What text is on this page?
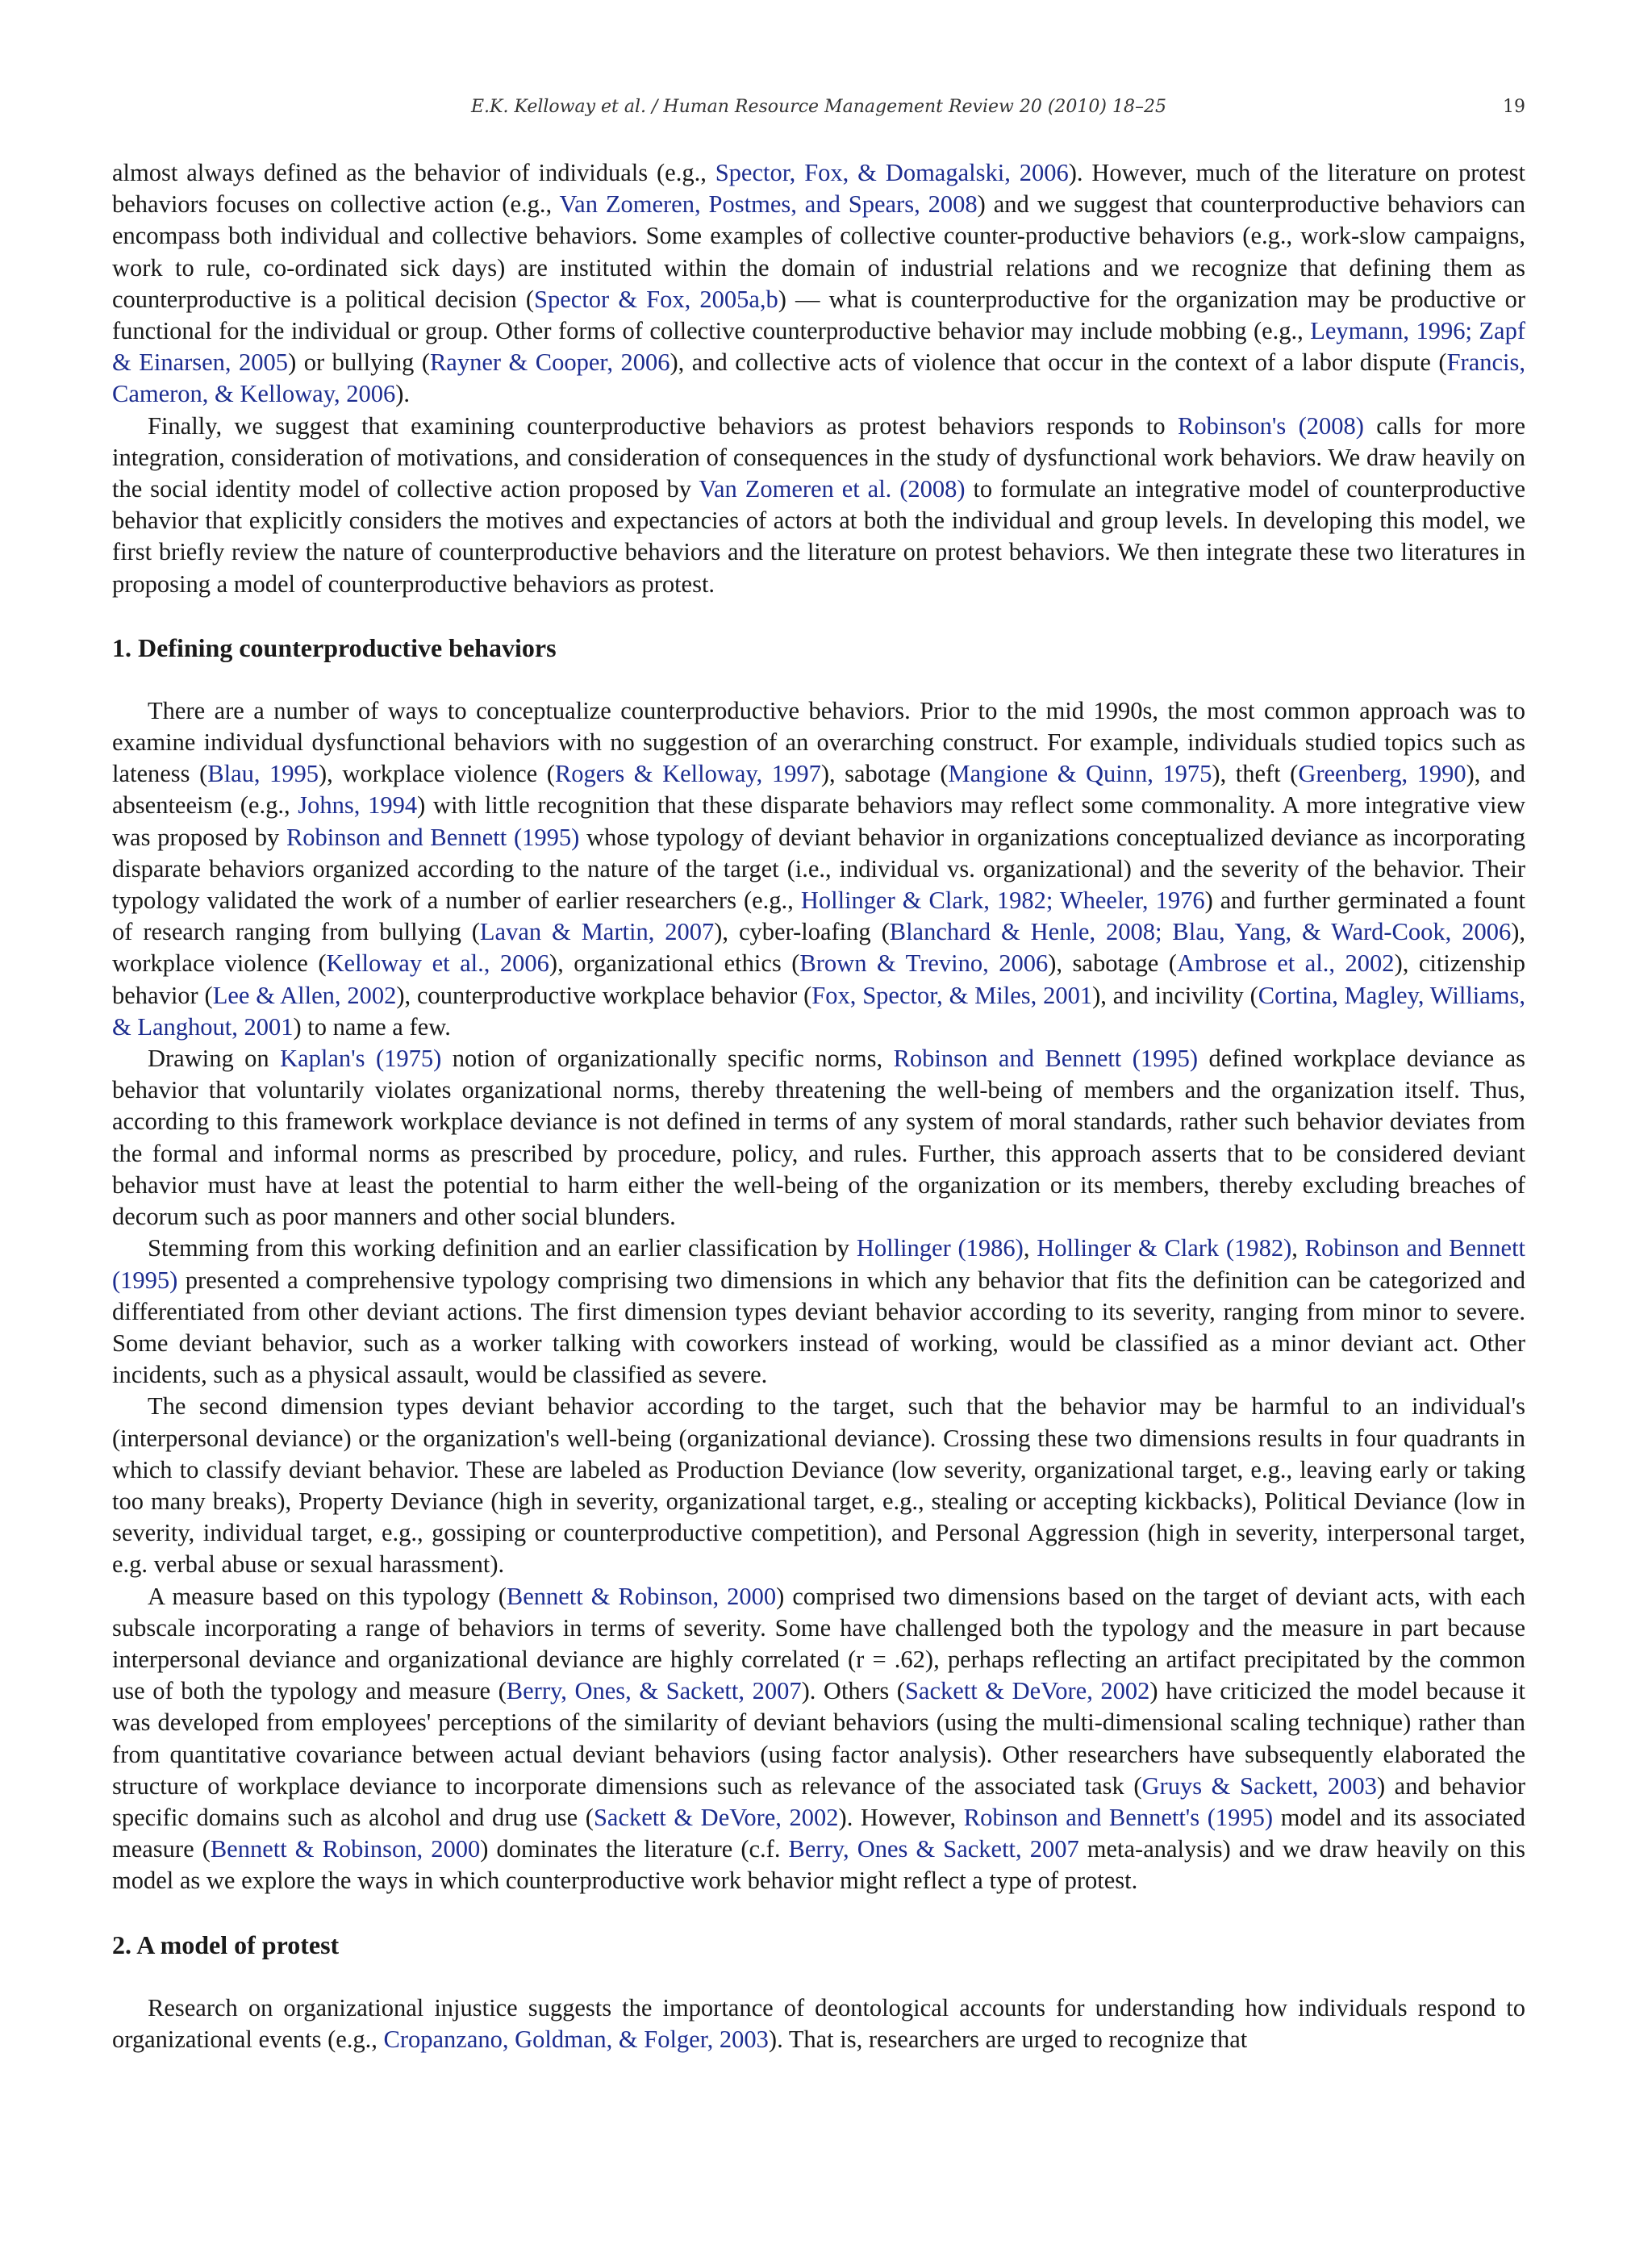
E.K. Kelloway et al. / Human Resource Management Review 20 (2010) 18–25	19

almost always defined as the behavior of individuals (e.g., Spector, Fox, & Domagalski, 2006). However, much of the literature on protest behaviors focuses on collective action (e.g., Van Zomeren, Postmes, and Spears, 2008) and we suggest that counterproductive behaviors can encompass both individual and collective behaviors. Some examples of collective counter-productive behaviors (e.g., work-slow campaigns, work to rule, co-ordinated sick days) are instituted within the domain of industrial relations and we recognize that defining them as counterproductive is a political decision (Spector & Fox, 2005a,b) — what is counterproductive for the organization may be productive or functional for the individual or group. Other forms of collective counterproductive behavior may include mobbing (e.g., Leymann, 1996; Zapf & Einarsen, 2005) or bullying (Rayner & Cooper, 2006), and collective acts of violence that occur in the context of a labor dispute (Francis, Cameron, & Kelloway, 2006).

Finally, we suggest that examining counterproductive behaviors as protest behaviors responds to Robinson's (2008) calls for more integration, consideration of motivations, and consideration of consequences in the study of dysfunctional work behaviors. We draw heavily on the social identity model of collective action proposed by Van Zomeren et al. (2008) to formulate an integrative model of counterproductive behavior that explicitly considers the motives and expectancies of actors at both the individual and group levels. In developing this model, we first briefly review the nature of counterproductive behaviors and the literature on protest behaviors. We then integrate these two literatures in proposing a model of counterproductive behaviors as protest.

1. Defining counterproductive behaviors

There are a number of ways to conceptualize counterproductive behaviors. Prior to the mid 1990s, the most common approach was to examine individual dysfunctional behaviors with no suggestion of an overarching construct. For example, individuals studied topics such as lateness (Blau, 1995), workplace violence (Rogers & Kelloway, 1997), sabotage (Mangione & Quinn, 1975), theft (Greenberg, 1990), and absenteeism (e.g., Johns, 1994) with little recognition that these disparate behaviors may reflect some commonality. A more integrative view was proposed by Robinson and Bennett (1995) whose typology of deviant behavior in organizations conceptualized deviance as incorporating disparate behaviors organized according to the nature of the target (i.e., individual vs. organizational) and the severity of the behavior. Their typology validated the work of a number of earlier researchers (e.g., Hollinger & Clark, 1982; Wheeler, 1976) and further germinated a fount of research ranging from bullying (Lavan & Martin, 2007), cyber-loafing (Blanchard & Henle, 2008; Blau, Yang, & Ward-Cook, 2006), workplace violence (Kelloway et al., 2006), organizational ethics (Brown & Trevino, 2006), sabotage (Ambrose et al., 2002), citizenship behavior (Lee & Allen, 2002), counterproductive workplace behavior (Fox, Spector, & Miles, 2001), and incivility (Cortina, Magley, Williams, & Langhout, 2001) to name a few.

Drawing on Kaplan's (1975) notion of organizationally specific norms, Robinson and Bennett (1995) defined workplace deviance as behavior that voluntarily violates organizational norms, thereby threatening the well-being of members and the organization itself. Thus, according to this framework workplace deviance is not defined in terms of any system of moral standards, rather such behavior deviates from the formal and informal norms as prescribed by procedure, policy, and rules. Further, this approach asserts that to be considered deviant behavior must have at least the potential to harm either the well-being of the organization or its members, thereby excluding breaches of decorum such as poor manners and other social blunders.

Stemming from this working definition and an earlier classification by Hollinger (1986), Hollinger & Clark (1982), Robinson and Bennett (1995) presented a comprehensive typology comprising two dimensions in which any behavior that fits the definition can be categorized and differentiated from other deviant actions. The first dimension types deviant behavior according to its severity, ranging from minor to severe. Some deviant behavior, such as a worker talking with coworkers instead of working, would be classified as a minor deviant act. Other incidents, such as a physical assault, would be classified as severe.

The second dimension types deviant behavior according to the target, such that the behavior may be harmful to an individual's (interpersonal deviance) or the organization's well-being (organizational deviance). Crossing these two dimensions results in four quadrants in which to classify deviant behavior. These are labeled as Production Deviance (low severity, organizational target, e.g., leaving early or taking too many breaks), Property Deviance (high in severity, organizational target, e.g., stealing or accepting kickbacks), Political Deviance (low in severity, individual target, e.g., gossiping or counterproductive competition), and Personal Aggression (high in severity, interpersonal target, e.g. verbal abuse or sexual harassment).

A measure based on this typology (Bennett & Robinson, 2000) comprised two dimensions based on the target of deviant acts, with each subscale incorporating a range of behaviors in terms of severity. Some have challenged both the typology and the measure in part because interpersonal deviance and organizational deviance are highly correlated (r = .62), perhaps reflecting an artifact precipitated by the common use of both the typology and measure (Berry, Ones, & Sackett, 2007). Others (Sackett & DeVore, 2002) have criticized the model because it was developed from employees' perceptions of the similarity of deviant behaviors (using the multi-dimensional scaling technique) rather than from quantitative covariance between actual deviant behaviors (using factor analysis). Other researchers have subsequently elaborated the structure of workplace deviance to incorporate dimensions such as relevance of the associated task (Gruys & Sackett, 2003) and behavior specific domains such as alcohol and drug use (Sackett & DeVore, 2002). However, Robinson and Bennett's (1995) model and its associated measure (Bennett & Robinson, 2000) dominates the literature (c.f. Berry, Ones & Sackett, 2007 meta-analysis) and we draw heavily on this model as we explore the ways in which counterproductive work behavior might reflect a type of protest.

2. A model of protest

Research on organizational injustice suggests the importance of deontological accounts for understanding how individuals respond to organizational events (e.g., Cropanzano, Goldman, & Folger, 2003). That is, researchers are urged to recognize that
